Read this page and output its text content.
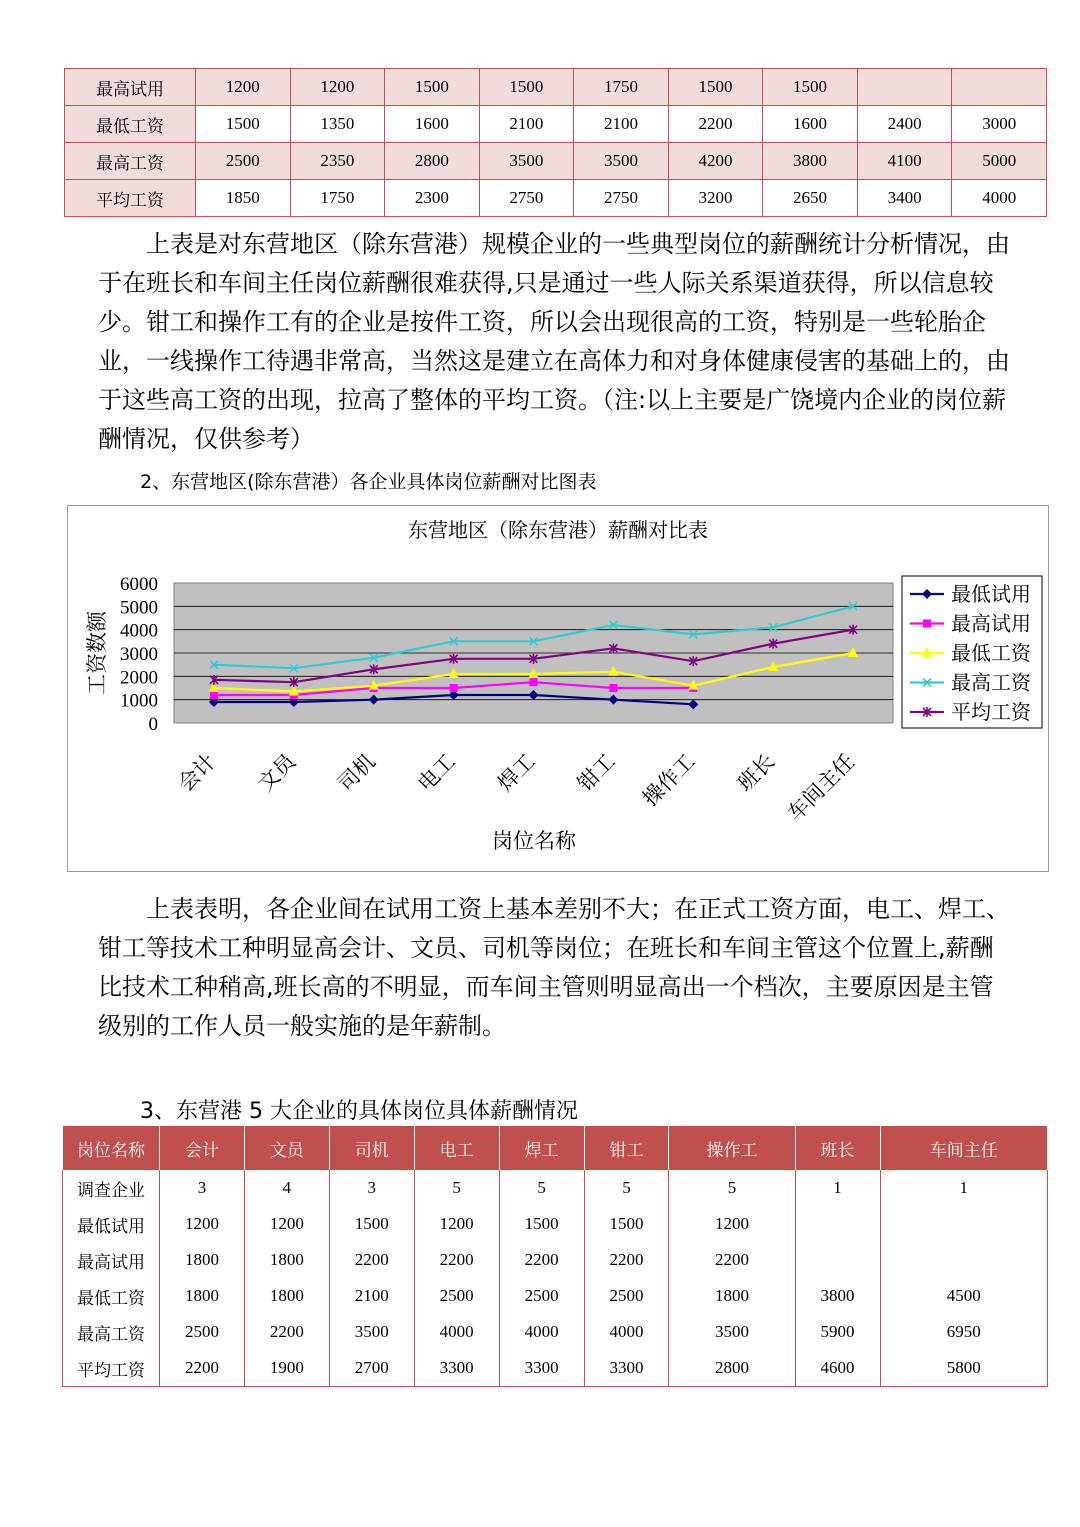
最高试用	1200	1200	1500	1500	1750	1500	1500		
最低工资	1500	1350	1600	2100	2100	2200	1600	2400	3000
最高工资	2500	2350	2800	3500	3500	4200	3800	4100	5000
平均工资	1850	1750	2300	2750	2750	3200	2650	3400	4000

上表是对东营地区（除东营港）规模企业的一些典型岗位的薪酬统计分析情况，由于在班长和车间主任岗位薪酬很难获得,只是通过一些人际关系渠道获得，所以信息较少。钳工和操作工有的企业是按件工资，所以会出现很高的工资，特别是一些轮胎企业，一线操作工待遇非常高，当然这是建立在高体力和对身体健康侵害的基础上的，由于这些高工资的出现，拉高了整体的平均工资。（注:以上主要是广饶境内企业的岗位薪酬情况，仅供参考）

2、东营地区(除东营港）各企业具体岗位薪酬对比图表

东营地区（除东营港）薪酬对比表
0
1000
2000
3000
4000
5000
6000
工资数额
会计 文员 司机 电工 焊工 钳工 操作工 班长 车间主任
岗位名称
最低试用
最高试用
最低工资
最高工资
平均工资

上表表明，各企业间在试用工资上基本差别不大；在正式工资方面，电工、焊工、钳工等技术工种明显高会计、文员、司机等岗位；在班长和车间主管这个位置上,薪酬比技术工种稍高,班长高的不明显，而车间主管则明显高出一个档次，主要原因是主管级别的工作人员一般实施的是年薪制。

3、东营港 5 大企业的具体岗位具体薪酬情况

岗位名称	会计	文员	司机	电工	焊工	钳工	操作工	班长	车间主任
调查企业	3	4	3	5	5	5	5	1	1
最低试用	1200	1200	1500	1200	1500	1500	1200		
最高试用	1800	1800	2200	2200	2200	2200	2200		
最低工资	1800	1800	2100	2500	2500	2500	1800	3800	4500
最高工资	2500	2200	3500	4000	4000	4000	3500	5900	6950
平均工资	2200	1900	2700	3300	3300	3300	2800	4600	5800
